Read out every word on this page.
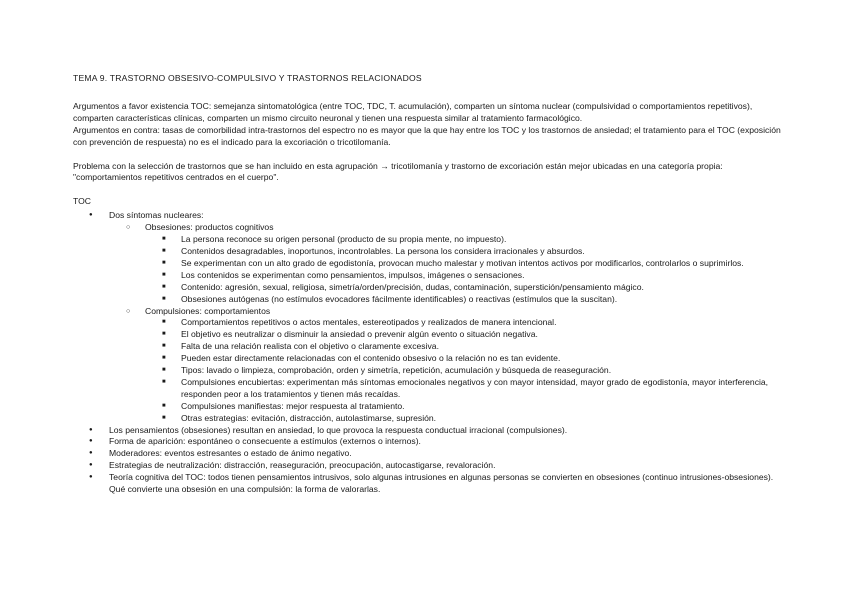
TEMA 9. TRASTORNO OBSESIVO-COMPULSIVO Y TRASTORNOS RELACIONADOS

Argumentos a favor existencia TOC: semejanza sintomatológica (entre TOC, TDC, T. acumulación), comparten un síntoma nuclear (compulsividad o comportamientos repetitivos), comparten características clínicas, comparten un mismo circuito neuronal y tienen una respuesta similar al tratamiento farmacológico.

Argumentos en contra: tasas de comorbilidad intra-trastornos del espectro no es mayor que la que hay entre los TOC y los trastornos de ansiedad; el tratamiento para el TOC (exposición con prevención de respuesta) no es el indicado para la excoriación o tricotilomanía.

Problema con la selección de trastornos que se han incluido en esta agrupación → tricotilomanía y trastorno de excoriación están mejor ubicadas en una categoría propia: "comportamientos repetitivos centrados en el cuerpo".

TOC

● Dos síntomas nucleares:
○ Obsesiones: productos cognitivos
■ La persona reconoce su origen personal (producto de su propia mente, no impuesto).
■ Contenidos desagradables, inoportunos, incontrolables. La persona los considera irracionales y absurdos.
■ Se experimentan con un alto grado de egodistonía, provocan mucho malestar y motivan intentos activos por modificarlos, controlarlos o suprimirlos.
■ Los contenidos se experimentan como pensamientos, impulsos, imágenes o sensaciones.
■ Contenido: agresión, sexual, religiosa, simetría/orden/precisión, dudas, contaminación, superstición/pensamiento mágico.
■ Obsesiones autógenas (no estímulos evocadores fácilmente identificables) o reactivas (estímulos que la suscitan).
○ Compulsiones: comportamientos
■ Comportamientos repetitivos o actos mentales, estereotipados y realizados de manera intencional.
■ El objetivo es neutralizar o disminuir la ansiedad o prevenir algún evento o situación negativa.
■ Falta de una relación realista con el objetivo o claramente excesiva.
■ Pueden estar directamente relacionadas con el contenido obsesivo o la relación no es tan evidente.
■ Tipos: lavado o limpieza, comprobación, orden y simetría, repetición, acumulación y búsqueda de reaseguración.
■ Compulsiones encubiertas: experimentan más síntomas emocionales negativos y con mayor intensidad, mayor grado de egodistonía, mayor interferencia, responden peor a los tratamientos y tienen más recaídas.
■ Compulsiones manifiestas: mejor respuesta al tratamiento.
■ Otras estrategias: evitación, distracción, autolastimarse, supresión.
● Los pensamientos (obsesiones) resultan en ansiedad, lo que provoca la respuesta conductual irracional (compulsiones).
● Forma de aparición: espontáneo o consecuente a estímulos (externos o internos).
● Moderadores: eventos estresantes o estado de ánimo negativo.
● Estrategias de neutralización: distracción, reaseguración, preocupación, autocastigarse, revaloración.
● Teoría cognitiva del TOC: todos tienen pensamientos intrusivos, solo algunas intrusiones en algunas personas se convierten en obsesiones (continuo intrusiones-obsesiones). Qué convierte una obsesión en una compulsión: la forma de valorarlas.
